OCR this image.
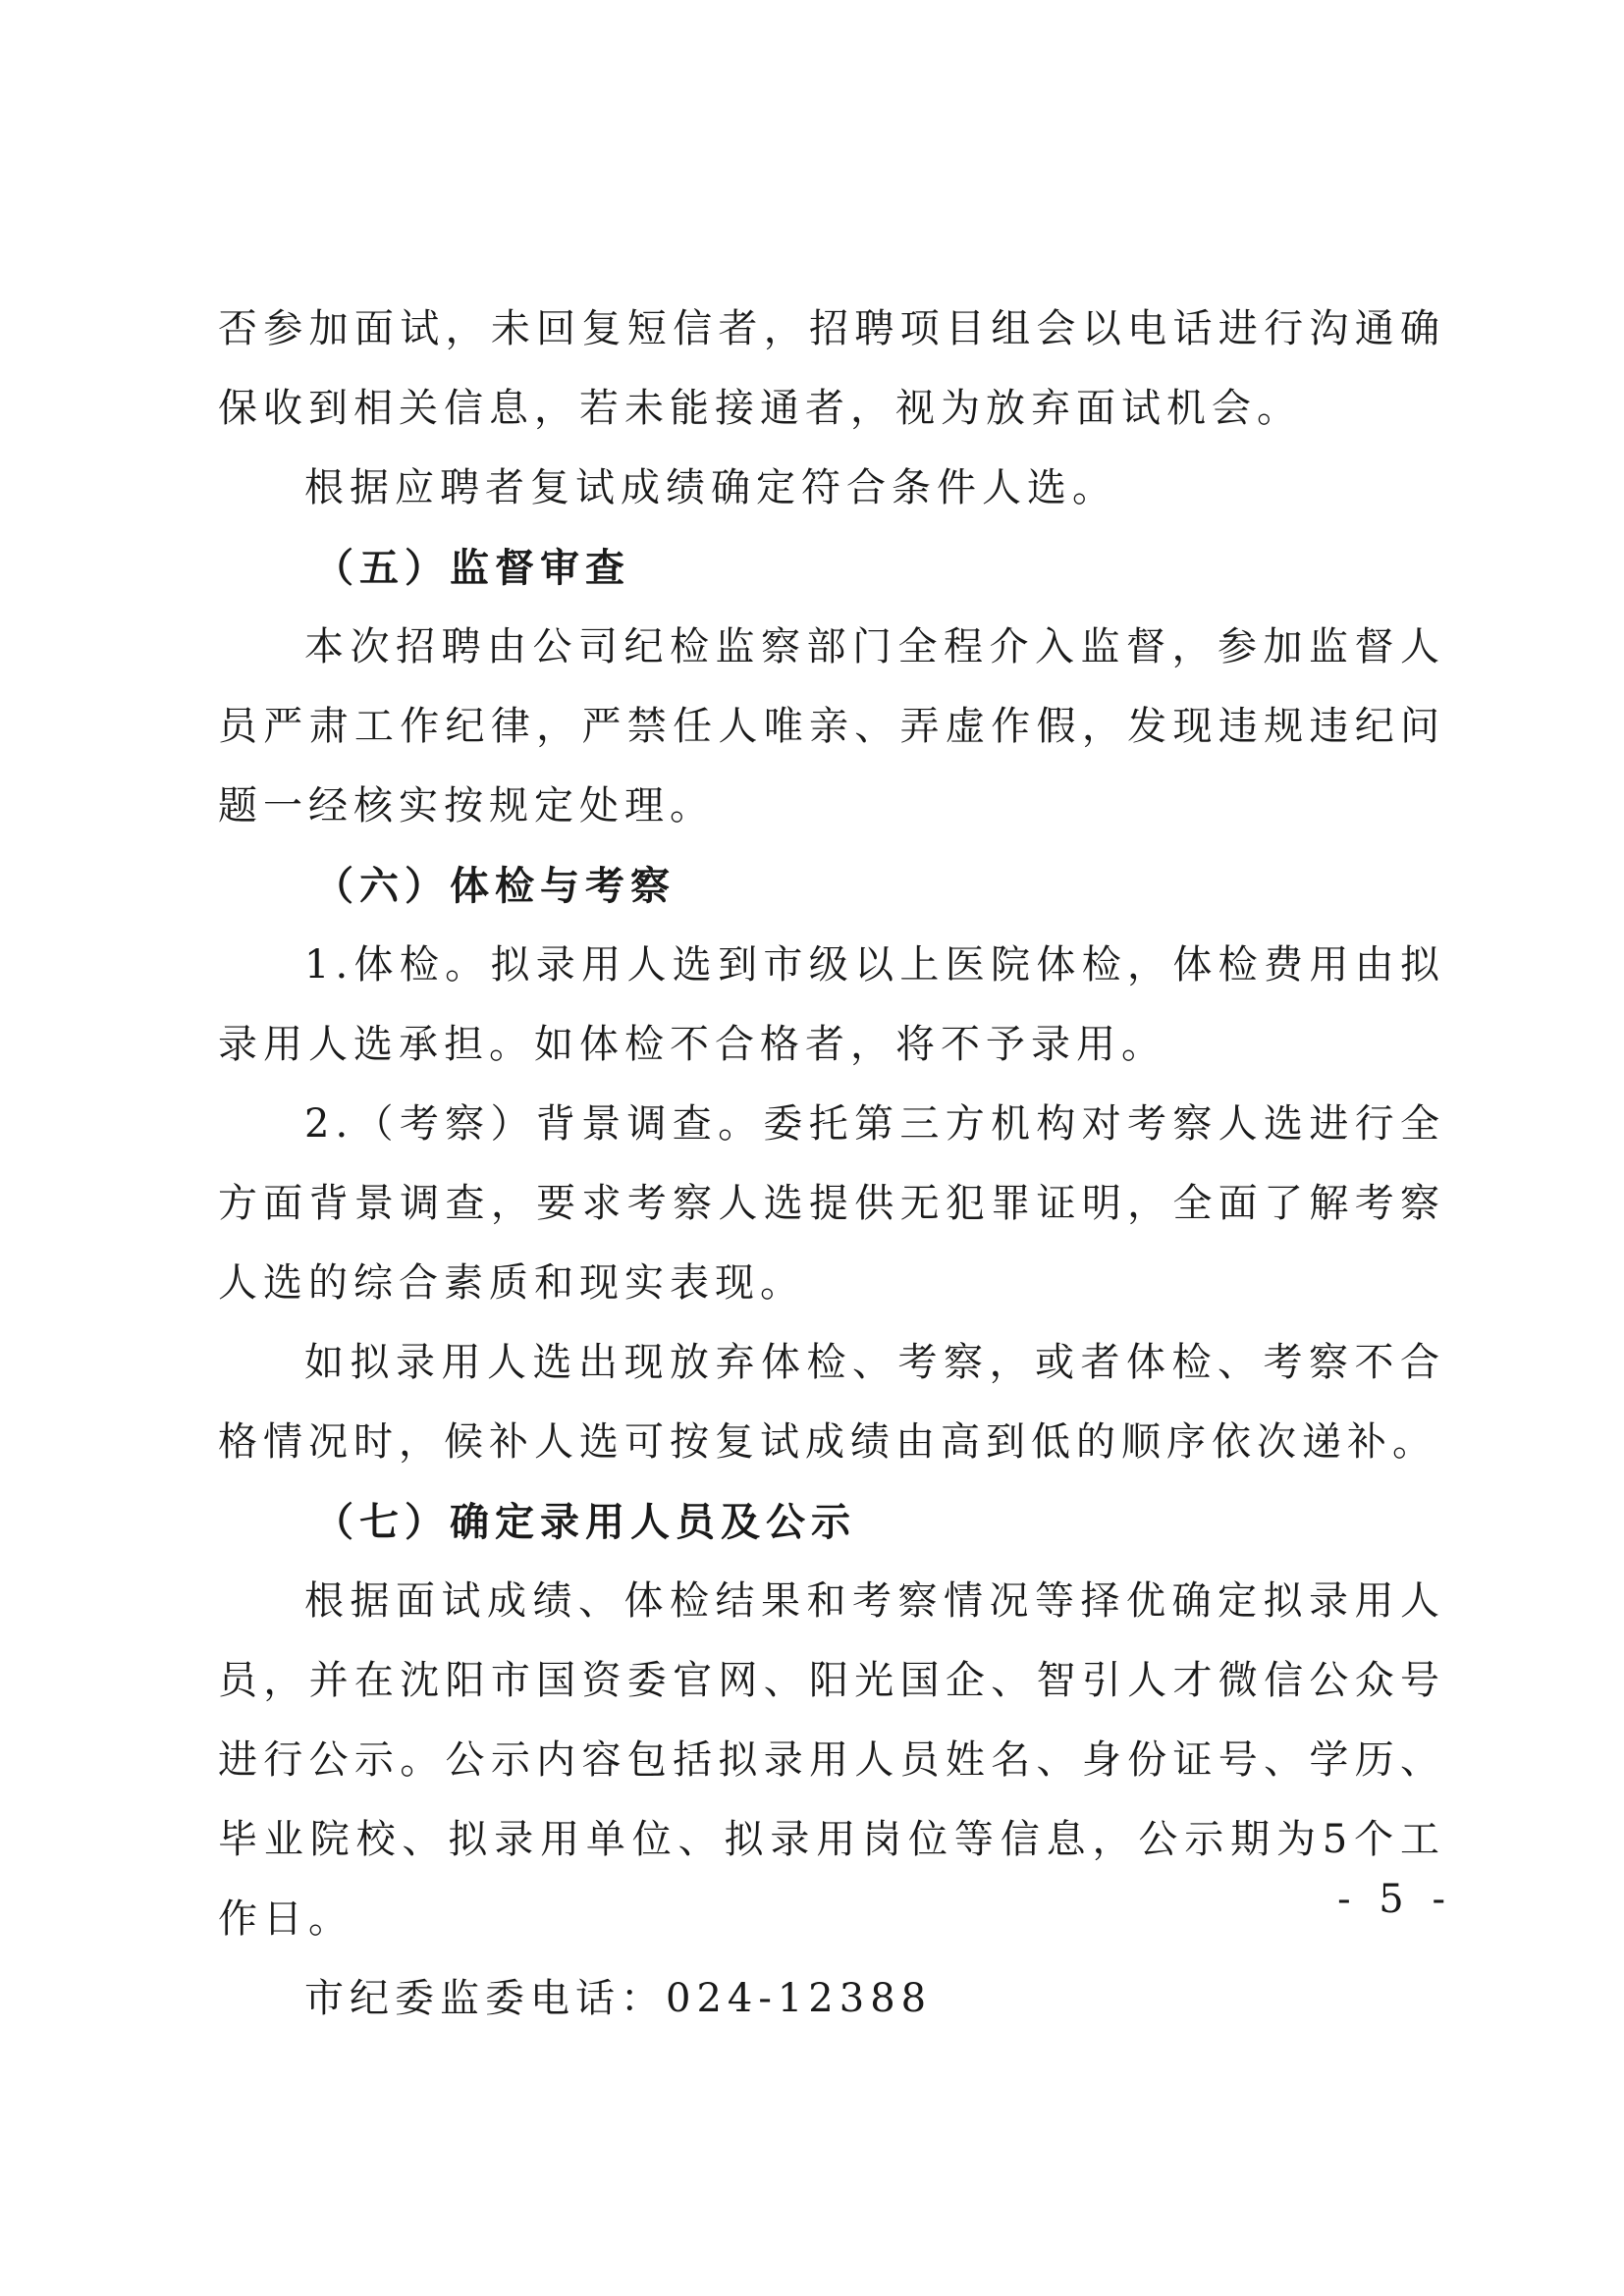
否参加面试，未回复短信者，招聘项目组会以电话进行沟通确保收到相关信息，若未能接通者，视为放弃面试机会。

根据应聘者复试成绩确定符合条件人选。

（五）监督审查

本次招聘由公司纪检监察部门全程介入监督，参加监督人员严肃工作纪律，严禁任人唯亲、弄虚作假，发现违规违纪问题一经核实按规定处理。

（六）体检与考察

1.体检。拟录用人选到市级以上医院体检，体检费用由拟录用人选承担。如体检不合格者，将不予录用。

2.（考察）背景调查。委托第三方机构对考察人选进行全方面背景调查，要求考察人选提供无犯罪证明，全面了解考察人选的综合素质和现实表现。

如拟录用人选出现放弃体检、考察，或者体检、考察不合格情况时，候补人选可按复试成绩由高到低的顺序依次递补。

（七）确定录用人员及公示

根据面试成绩、体检结果和考察情况等择优确定拟录用人员，并在沈阳市国资委官网、阳光国企、智引人才微信公众号进行公示。公示内容包括拟录用人员姓名、身份证号、学历、毕业院校、拟录用单位、拟录用岗位等信息，公示期为5个工作日。

市纪委监委电话：024-12388

- 5 -
